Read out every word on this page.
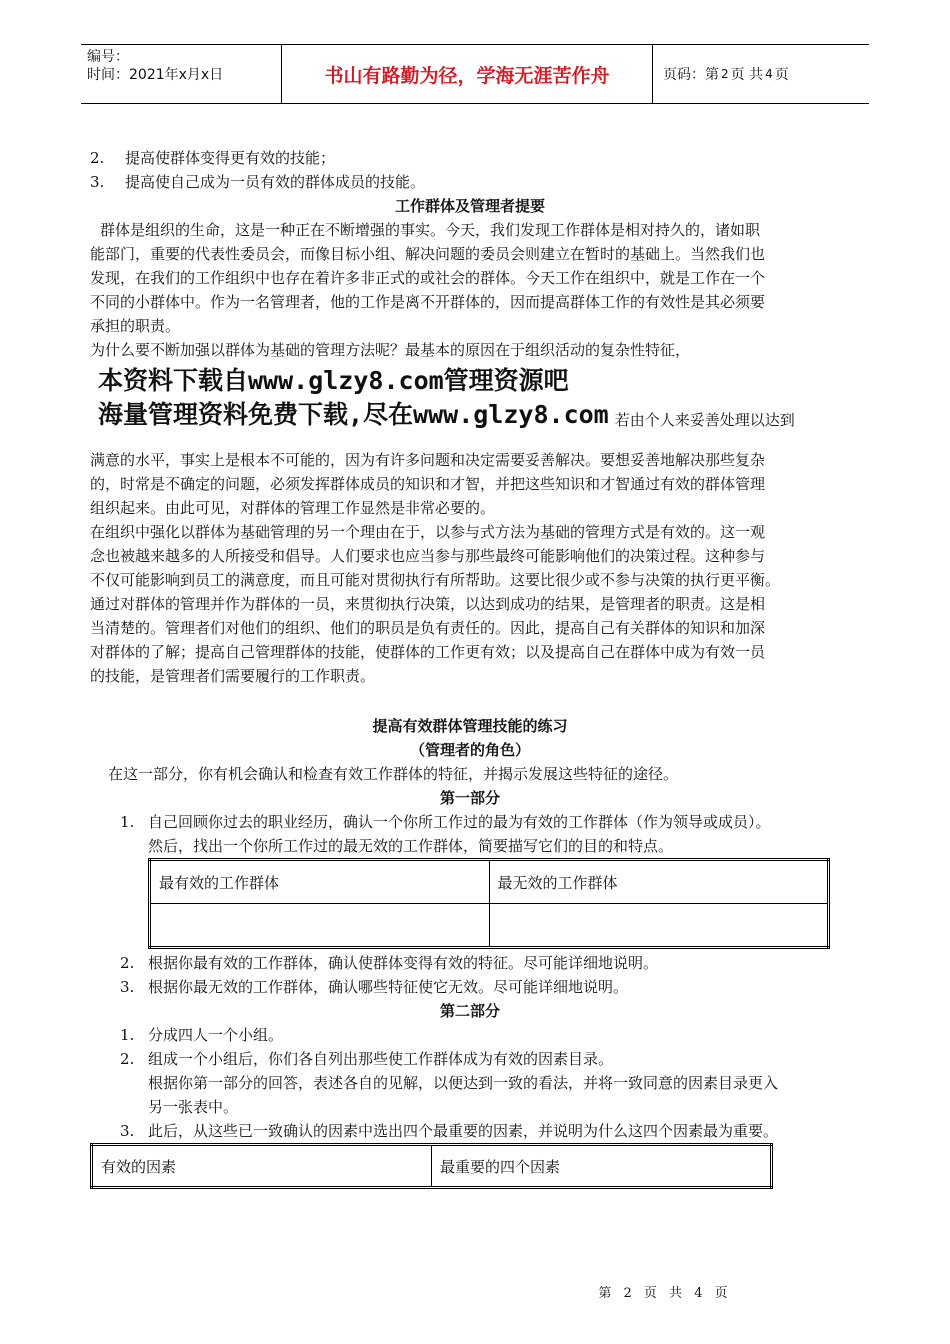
编号：
时间：2021年x月x日	书山有路勤为径，学海无涯苦作舟	页码：第 2 页 共 4 页
2. 提高使群体变得更有效的技能；
3. 提高使自己成为一员有效的群体成员的技能。
工作群体及管理者提要
群体是组织的生命，这是一种正在不断增强的事实。今天，我们发现工作群体是相对持久的，诸如职
能部门，重要的代表性委员会，而像目标小组、解决问题的委员会则建立在暂时的基础上。当然我们也
发现，在我们的工作组织中也存在着许多非正式的或社会的群体。今天工作在组织中，就是工作在一个
不同的小群体中。作为一名管理者，他的工作是离不开群体的，因而提高群体工作的有效性是其必须要
承担的职责。
为什么要不断加强以群体为基础的管理方法呢？最基本的原因在于组织活动的复杂性特征，
本资料下载自www.glzy8.com管理资源吧
海量管理资料免费下载,尽在www.glzy8.com 若由个人来妥善处理以达到
满意的水平，事实上是根本不可能的，因为有许多问题和决定需要妥善解决。要想妥善地解决那些复杂
的，时常是不确定的问题，必须发挥群体成员的知识和才智，并把这些知识和才智通过有效的群体管理
组织起来。由此可见，对群体的管理工作显然是非常必要的。
在组织中强化以群体为基础管理的另一个理由在于，以参与式方法为基础的管理方式是有效的。这一观
念也被越来越多的人所接受和倡导。人们要求也应当参与那些最终可能影响他们的决策过程。这种参与
不仅可能影响到员工的满意度，而且可能对贯彻执行有所帮助。这要比很少或不参与决策的执行更平衡。
通过对群体的管理并作为群体的一员，来贯彻执行决策，以达到成功的结果，是管理者的职责。这是相
当清楚的。管理者们对他们的组织、他们的职员是负有责任的。因此，提高自己有关群体的知识和加深
对群体的了解；提高自己管理群体的技能，使群体的工作更有效；以及提高自己在群体中成为有效一员
的技能，是管理者们需要履行的工作职责。
提高有效群体管理技能的练习
（管理者的角色）
在这一部分，你有机会确认和检查有效工作群体的特征，并揭示发展这些特征的途径。
第一部分
1. 自己回顾你过去的职业经历，确认一个你所工作过的最为有效的工作群体（作为领导或成员）。
然后，找出一个你所工作过的最无效的工作群体，简要描写它们的目的和特点。
最有效的工作群体	最无效的工作群体

2. 根据你最有效的工作群体，确认使群体变得有效的特征。尽可能详细地说明。
3. 根据你最无效的工作群体，确认哪些特征使它无效。尽可能详细地说明。
第二部分
1. 分成四人一个小组。
2. 组成一个小组后，你们各自列出那些使工作群体成为有效的因素目录。
根据你第一部分的回答，表述各自的见解，以便达到一致的看法，并将一致同意的因素目录更入
另一张表中。
3. 此后，从这些已一致确认的因素中选出四个最重要的因素，并说明为什么这四个因素最为重要。
有效的因素	最重要的四个因素
第 2 页 共 4 页
